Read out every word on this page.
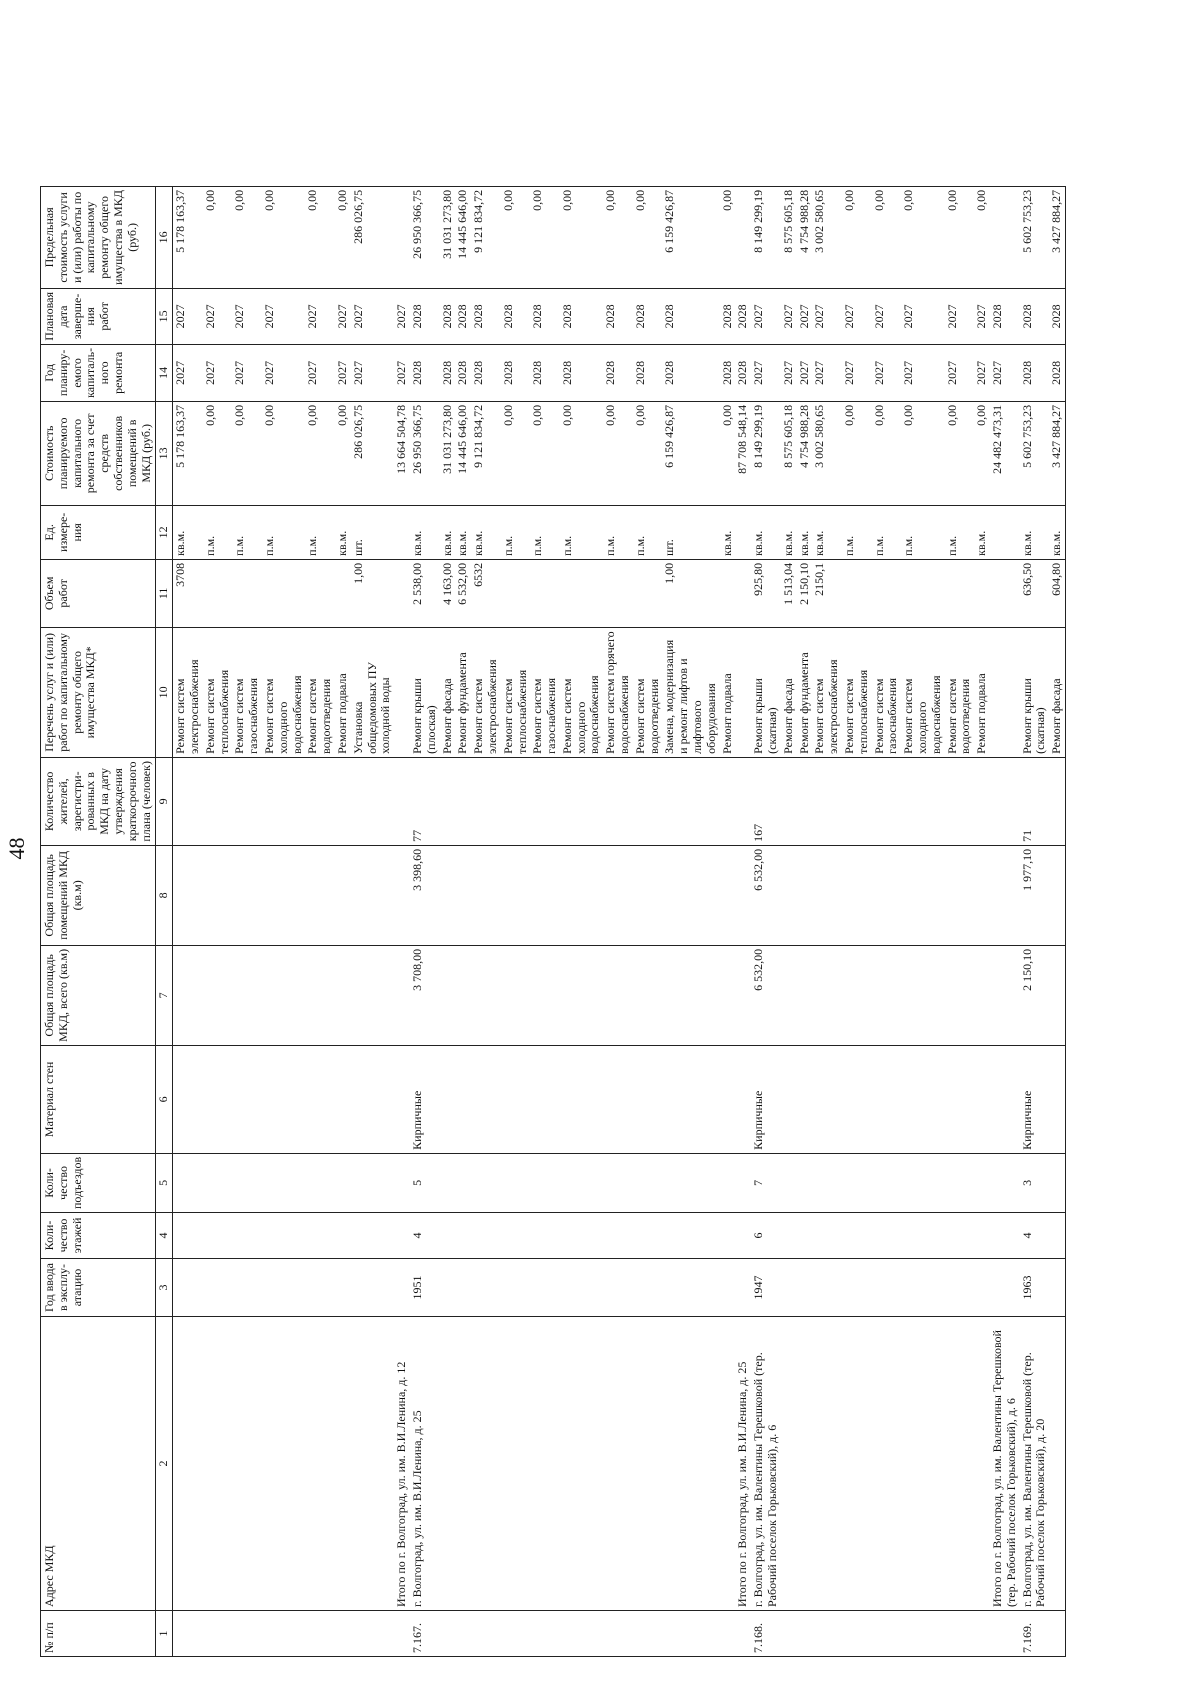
48
№ п/п	Адрес МКД	Год ввода в эксплу-атацию	Коли-чество этажей	Коли-чество подъездов	Материал стен	Общая площадь МКД, всего (кв.м)	Общая площадь помещений МКД (кв.м)	Количество жителей, зарегистри-рованных в МКД на дату утверждения краткосрочного плана (человек)	Перечень услуг и (или) работ по капитальному ремонту общего имущества МКД*	Объем работ	Ед. измере-ния	Стоимость планируемого капитального ремонта за счет средств собственников помещений в МКД (руб.)	Год планиру-емого капиталь-ного ремонта	Плановая дата заверше-ния работ	Предельная стоимость услуги и (или) работы по капитальному ремонту общего имущества в МКД (руб.)
1	2	3	4	5	6	7	8	9	10	11	12	13	14	15	16
									Ремонт систем электроснабжения	3708	кв.м.	5 178 163,37	2027	2027	5 178 163,37
									Ремонт систем теплоснабжения		п.м.	0,00	2027	2027	0,00
									Ремонт систем газоснабжения		п.м.	0,00	2027	2027	0,00
									Ремонт систем холодного водоснабжения		п.м.	0,00	2027	2027	0,00
									Ремонт систем водоотведения		п.м.	0,00	2027	2027	0,00
									Ремонт подвала		кв.м.	0,00	2027	2027	0,00
									Установка общедомовых ПУ холодной воды	1,00	шт.	286 026,75	2027	2027	286 026,75
	Итого по г. Волгоград, ул. им. В.И.Ленина, д. 12											13 664 504,78	2027	2027	
7.167.	г. Волгоград, ул. им. В.И.Ленина, д. 25	1951	4	5	Кирпичные	3 708,00	3 398,60	77	Ремонт крыши (плоская)	2 538,00	кв.м.	26 950 366,75	2028	2028	26 950 366,75
									Ремонт фасада	4 163,00	кв.м.	31 031 273,80	2028	2028	31 031 273,80
									Ремонт фундамента	6 532,00	кв.м.	14 445 646,00	2028	2028	14 445 646,00
									Ремонт систем электроснабжения	6532	кв.м.	9 121 834,72	2028	2028	9 121 834,72
									Ремонт систем теплоснабжения		п.м.	0,00	2028	2028	0,00
									Ремонт систем газоснабжения		п.м.	0,00	2028	2028	0,00
									Ремонт систем холодного водоснабжения		п.м.	0,00	2028	2028	0,00
									Ремонт систем горячего водоснабжения		п.м.	0,00	2028	2028	0,00
									Ремонт систем водоотведения		п.м.	0,00	2028	2028	0,00
									Замена, модернизация и ремонт лифтов и лифтового оборудования	1,00	шт.	6 159 426,87	2028	2028	6 159 426,87
									Ремонт подвала		кв.м.	0,00	2028	2028	0,00
	Итого по г. Волгоград, ул. им. В.И.Ленина, д. 25											87 708 548,14	2028	2028	
7.168.	г. Волгоград, ул. им. Валентины Терешковой (тер. Рабочий поселок Горьковский), д. 6	1947	6	7	Кирпичные	6 532,00	6 532,00	167	Ремонт крыши (скатная)	925,80	кв.м.	8 149 299,19	2027	2027	8 149 299,19
									Ремонт фасада	1 513,04	кв.м.	8 575 605,18	2027	2027	8 575 605,18
									Ремонт фундамента	2 150,10	кв.м.	4 754 988,28	2027	2027	4 754 988,28
									Ремонт систем электроснабжения	2150,1	кв.м.	3 002 580,65	2027	2027	3 002 580,65
									Ремонт систем теплоснабжения		п.м.	0,00	2027	2027	0,00
									Ремонт систем газоснабжения		п.м.	0,00	2027	2027	0,00
									Ремонт систем холодного водоснабжения		п.м.	0,00	2027	2027	0,00
									Ремонт систем водоотведения		п.м.	0,00	2027	2027	0,00
									Ремонт подвала		кв.м.	0,00	2027	2027	0,00
	Итого по г. Волгоград, ул. им. Валентины Терешковой (тер. Рабочий поселок Горьковский), д. 6											24 482 473,31	2027	2028	
7.169.	г. Волгоград, ул. им. Валентины Терешковой (тер. Рабочий поселок Горьковский), д. 20	1963	4	3	Кирпичные	2 150,10	1 977,10	71	Ремонт крыши (скатная)	636,50	кв.м.	5 602 753,23	2028	2028	5 602 753,23
									Ремонт фасада	604,80	кв.м.	3 427 884,27	2028	2028	3 427 884,27
